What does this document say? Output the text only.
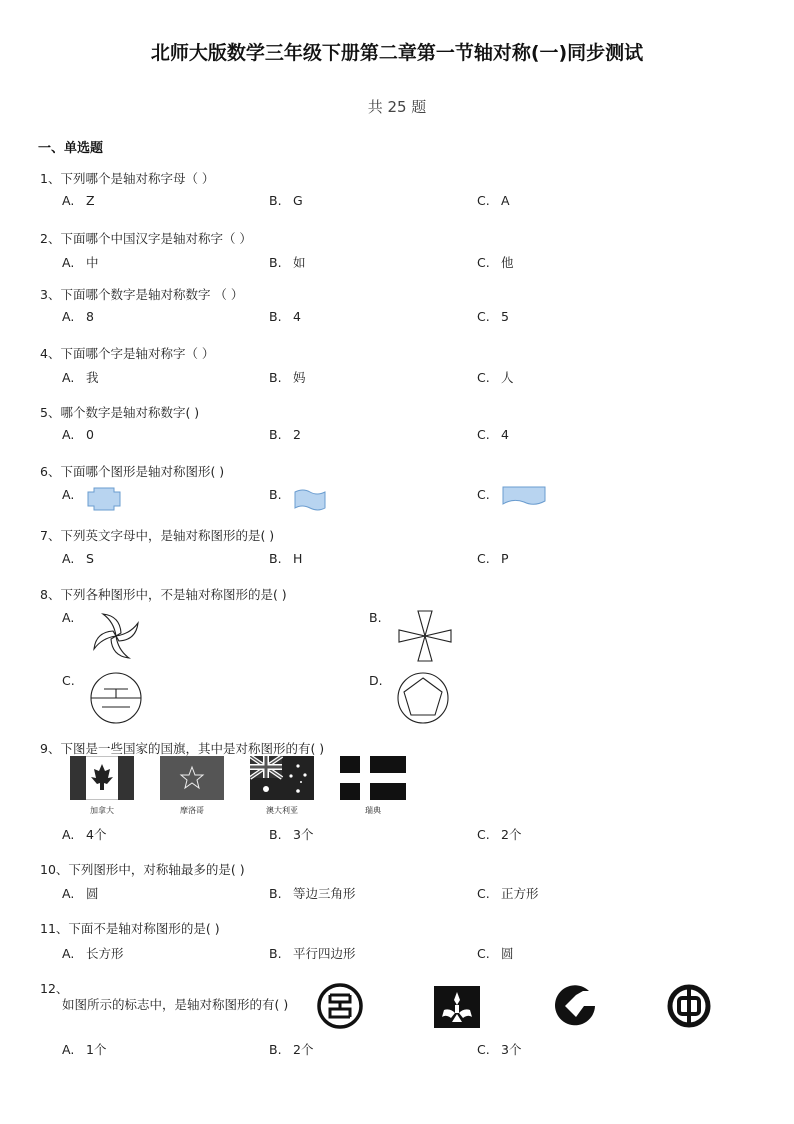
北师大版数学三年级下册第二章第一节轴对称(一)同步测试
共 25 题
一、单选题
1、下列哪个是轴对称字母（ ）
A. Z	B. G	C. A
2、下面哪个中国汉字是轴对称字（ ）
A. 中	B. 如	C. 他
3、下面哪个数字是轴对称数字 （ ）
A. 8	B. 4	C. 5
4、下面哪个字是轴对称字（ ）
A. 我	B. 妈	C. 人
5、哪个数字是轴对称数字( )
A. 0	B. 2	C. 4
6、下面哪个图形是轴对称图形( )
A.	B.	C.
7、下列英文字母中，是轴对称图形的是( )
A. S	B. H	C. P
8、下列各种图形中，不是轴对称图形的是( )
A.	B.
C.	D.
9、下图是一些国家的国旗，其中是对称图形的有( )
加拿大	摩洛哥	澳大利亚	瑞典
A. 4个	B. 3个	C. 2个
10、下列图形中，对称轴最多的是( )
A. 圆	B. 等边三角形	C. 正方形
11、下面不是轴对称图形的是( )
A. 长方形	B. 平行四边形	C. 圆
12、
如图所示的标志中，是轴对称图形的有( )
A. 1个	B. 2个	C. 3个
